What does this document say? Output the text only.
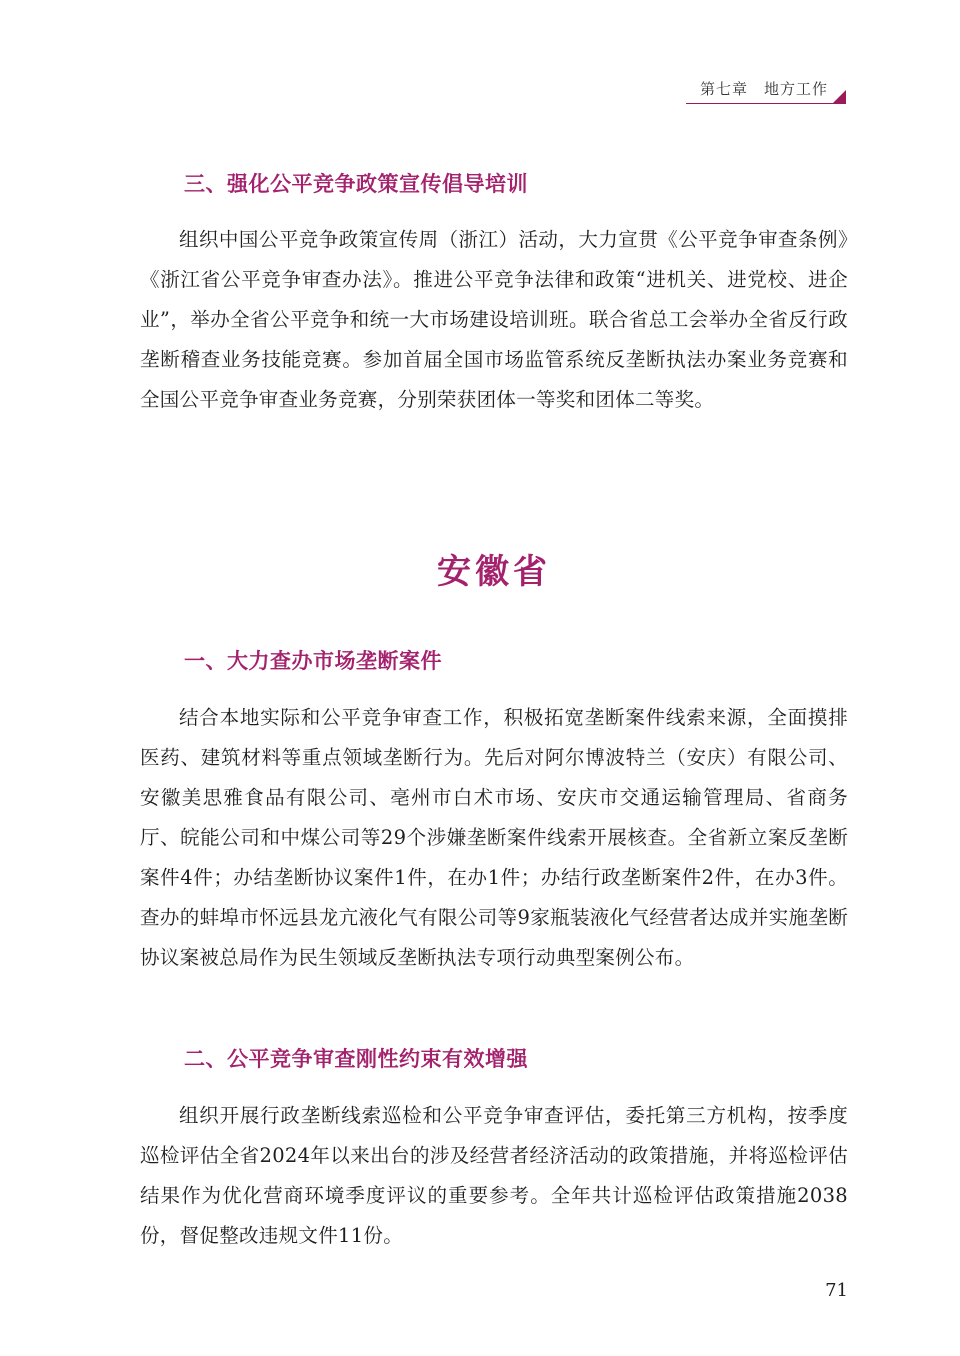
第七章　地方工作
三、强化公平竞争政策宣传倡导培训
组织中国公平竞争政策宣传周（浙江）活动，大力宣贯《公平竞争审查条例》《浙江省公平竞争审查办法》。推进公平竞争法律和政策“进机关、进党校、进企业”，举办全省公平竞争和统一大市场建设培训班。联合省总工会举办全省反行政垄断稽查业务技能竞赛。参加首届全国市场监管系统反垄断执法办案业务竞赛和全国公平竞争审查业务竞赛，分别荣获团体一等奖和团体二等奖。
安徽省
一、大力查办市场垄断案件
结合本地实际和公平竞争审查工作，积极拓宽垄断案件线索来源，全面摸排医药、建筑材料等重点领域垄断行为。先后对阿尔博波特兰（安庆）有限公司、安徽美思雅食品有限公司、亳州市白术市场、安庆市交通运输管理局、省商务厅、皖能公司和中煤公司等29个涉嫌垄断案件线索开展核查。全省新立案反垄断案件4件；办结垄断协议案件1件，在办1件；办结行政垄断案件2件，在办3件。查办的蚌埠市怀远县龙亢液化气有限公司等9家瓶装液化气经营者达成并实施垄断协议案被总局作为民生领域反垄断执法专项行动典型案例公布。
二、公平竞争审查刚性约束有效增强
组织开展行政垄断线索巡检和公平竞争审查评估，委托第三方机构，按季度巡检评估全省2024年以来出台的涉及经营者经济活动的政策措施，并将巡检评估结果作为优化营商环境季度评议的重要参考。全年共计巡检评估政策措施2038份，督促整改违规文件11份。
71
